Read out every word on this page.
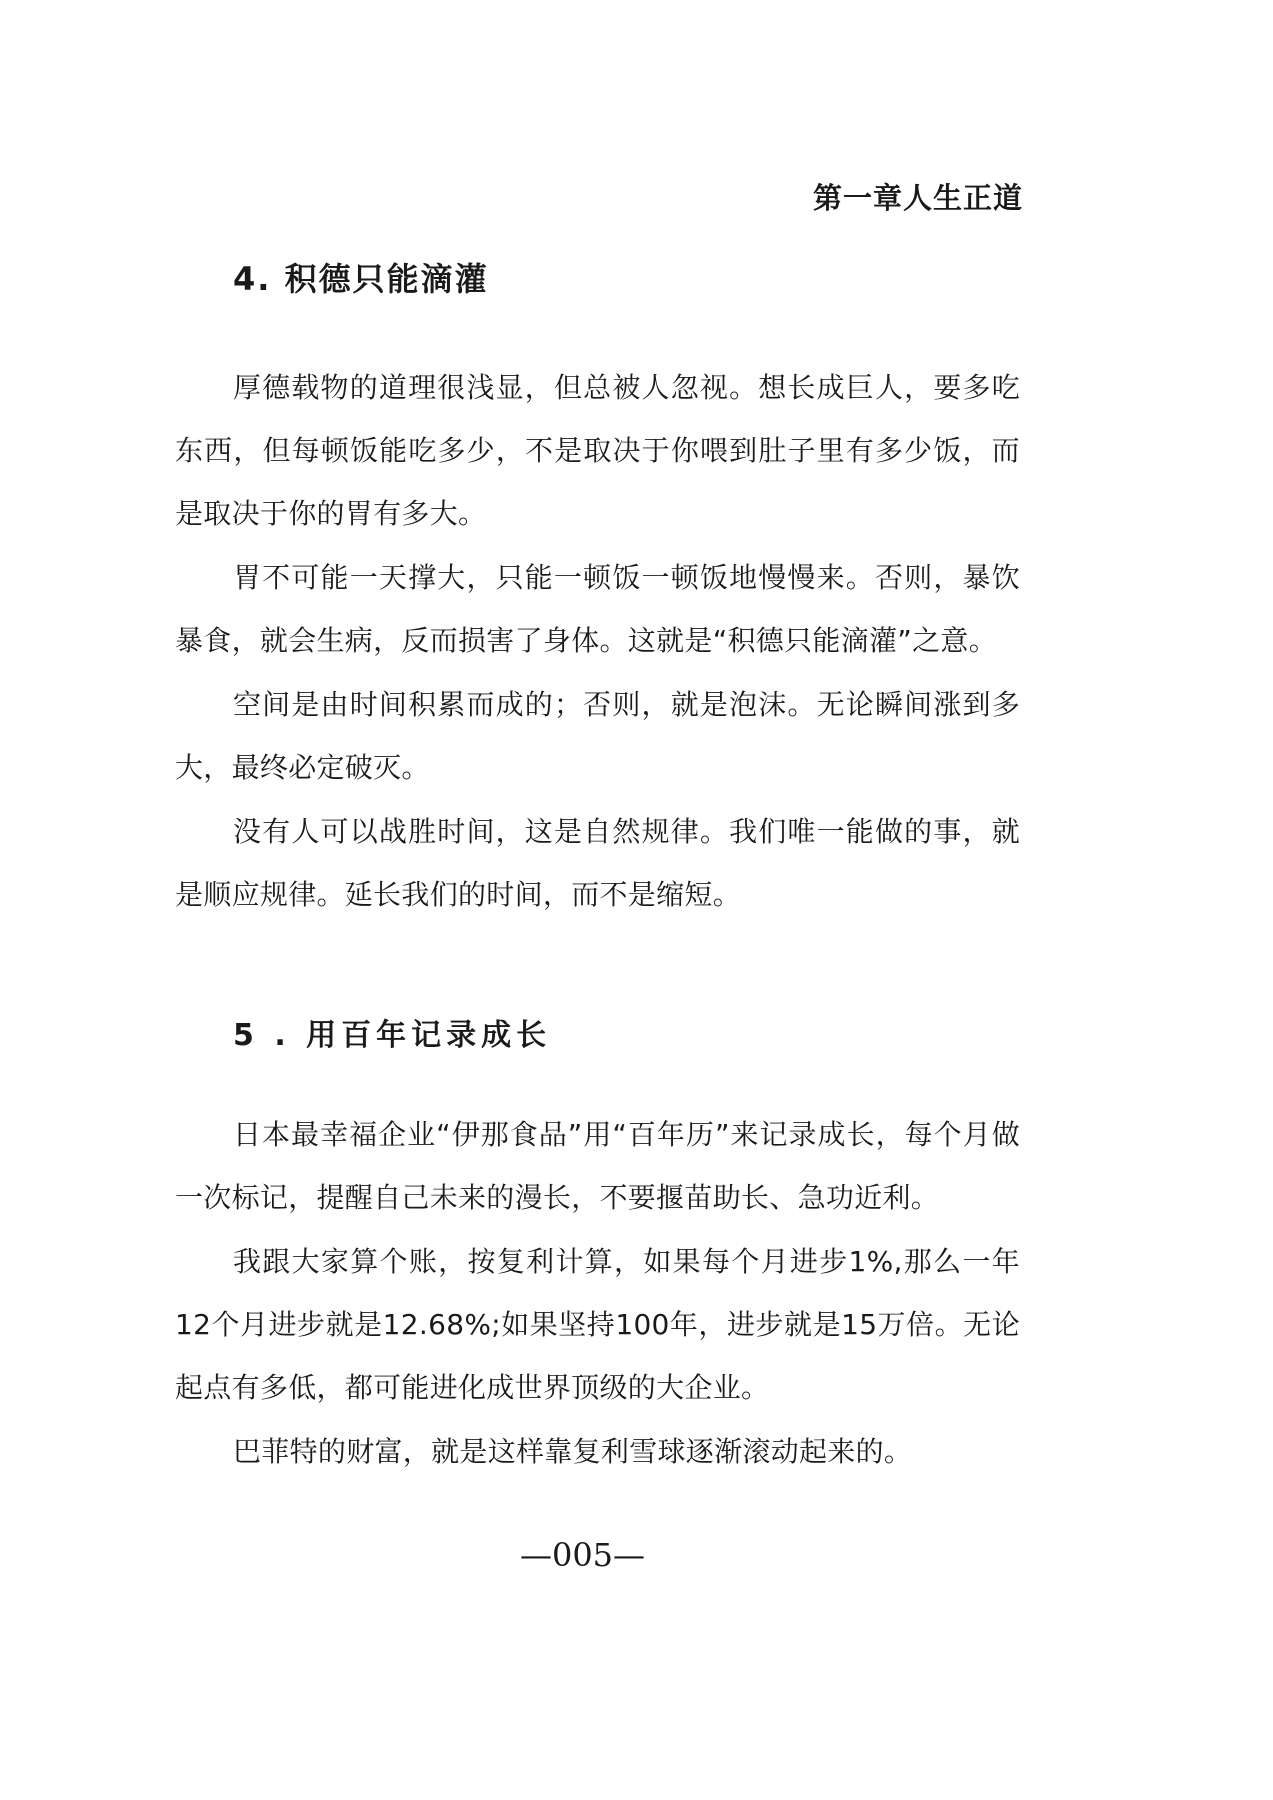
第一章人生正道
4. 积德只能滴灌

厚德载物的道理很浅显，但总被人忽视。想长成巨人，要多吃东西，但每顿饭能吃多少，不是取决于你喂到肚子里有多少饭，而是取决于你的胃有多大。

胃不可能一天撑大，只能一顿饭一顿饭地慢慢来。否则，暴饮暴食，就会生病，反而损害了身体。这就是“积德只能滴灌”之意。

空间是由时间积累而成的；否则，就是泡沫。无论瞬间涨到多大，最终必定破灭。

没有人可以战胜时间，这是自然规律。我们唯一能做的事，就是顺应规律。延长我们的时间，而不是缩短。

5 . 用百年记录成长

日本最幸福企业“伊那食品”用“百年历”来记录成长，每个月做一次标记，提醒自己未来的漫长，不要揠苗助长、急功近利。

我跟大家算个账，按复利计算，如果每个月进步1%,那么一年12个月进步就是12.68%;如果坚持100年，进步就是15万倍。无论起点有多低，都可能进化成世界顶级的大企业。

巴菲特的财富，就是这样靠复利雪球逐渐滚动起来的。

—005—
